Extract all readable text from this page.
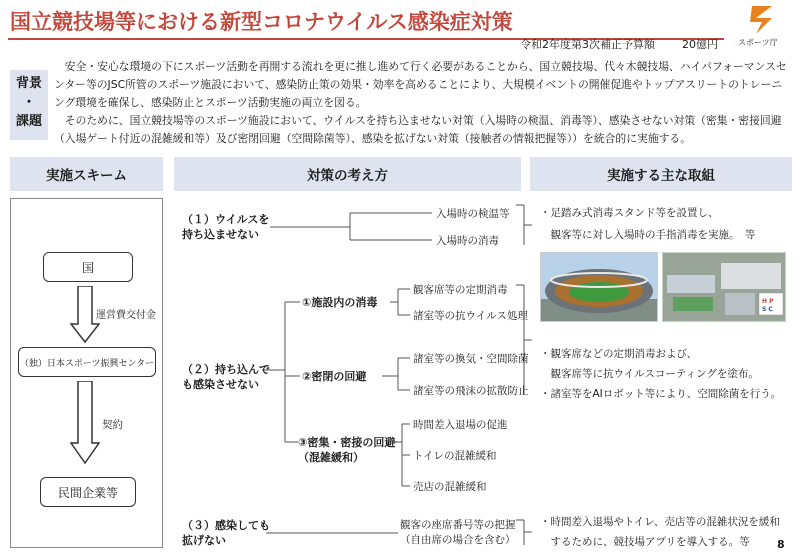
国立競技場等における新型コロナウイルス感染症対策
令和2年度第3次補正予算額 20億円	スポーツ庁
背景
・
課題

　安全・安心な環境の下にスポーツ活動を再開する流れを更に推し進めて行く必要があることから、国立競技場、代々木競技場、ハイパフォーマンスセンター等のJSC所管のスポーツ施設において、感染防止策の効果・効率を高めることにより、大規模イベントの開催促進やトップアスリートのトレーニング環境を確保し、感染防止とスポーツ活動実施の両立を図る。

　そのために、国立競技場等のスポーツ施設において、ウイルスを持ち込ませない対策（入場時の検温、消毒等）、感染させない対策（密集・密接回避（入場ゲート付近の混雑緩和等）及び密閉回避（空間除菌等）、感染を拡げない対策（接触者の情報把握等））を統合的に実施する。

実施スキーム	対策の考え方	実施する主な取組
国
運営費交付金
（独）日本スポーツ振興センター
契約
民間企業等
（１）ウイルスを
持ち込ませない
入場時の検温等
入場時の消毒
（２）持ち込んで
も感染させない
①施設内の消毒
観客席等の定期消毒
諸室等の抗ウイルス処理
②密閉の回避
諸室等の換気・空間除菌
諸室等の飛沫の拡散防止
③密集・密接の回避
（混雑緩和）
時間差入退場の促進
トイレの混雑緩和
売店の混雑緩和
（３）感染しても
拡げない
観客の座席番号等の把握
（自由席の場合を含む）
・足踏み式消毒スタンド等を設置し、
　観客等に対し入場時の手指消毒を実施。　等
H P
S C
・観客席などの定期消毒および、
　観客席等に抗ウイルスコーティングを塗布。
・諸室等をAIロボット等により、空間除菌を行う。
・時間差入退場やトイレ、売店等の混雑状況を緩和
　するために、競技場アプリを導入する。等	8
